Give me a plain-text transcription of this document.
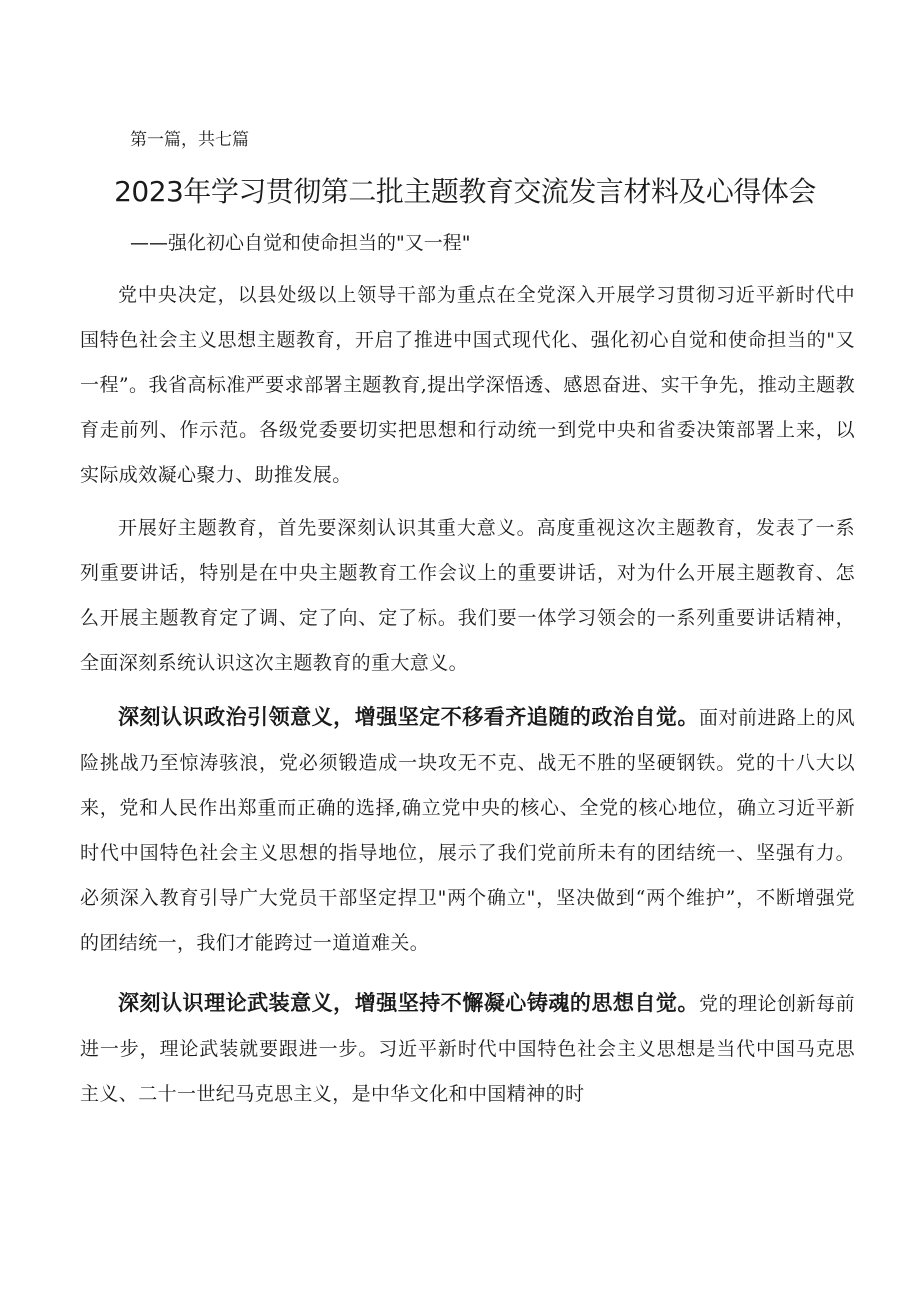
第一篇，共七篇
2023年学习贯彻第二批主题教育交流发言材料及心得体会
——强化初心自觉和使命担当的"又一程"

党中央决定，以县处级以上领导干部为重点在全党深入开展学习贯彻习近平新时代中国特色社会主义思想主题教育，开启了推进中国式现代化、强化初心自觉和使命担当的"又一程”。我省高标准严要求部署主题教育,提出学深悟透、感恩奋进、实干争先，推动主题教育走前列、作示范。各级党委要切实把思想和行动统一到党中央和省委决策部署上来，以实际成效凝心聚力、助推发展。

开展好主题教育，首先要深刻认识其重大意义。高度重视这次主题教育，发表了一系列重要讲话，特别是在中央主题教育工作会议上的重要讲话，对为什么开展主题教育、怎么开展主题教育定了调、定了向、定了标。我们要一体学习领会的一系列重要讲话精神，全面深刻系统认识这次主题教育的重大意义。

深刻认识政治引领意义，增强坚定不移看齐追随的政治自觉。面对前进路上的风险挑战乃至惊涛骇浪，党必须锻造成一块攻无不克、战无不胜的坚硬钢铁。党的十八大以来，党和人民作出郑重而正确的选择,确立党中央的核心、全党的核心地位，确立习近平新时代中国特色社会主义思想的指导地位，展示了我们党前所未有的团结统一、坚强有力。必须深入教育引导广大党员干部坚定捍卫"两个确立"，坚决做到“两个维护”，不断增强党的团结统一，我们才能跨过一道道难关。

深刻认识理论武装意义，增强坚持不懈凝心铸魂的思想自觉。党的理论创新每前进一步，理论武装就要跟进一步。习近平新时代中国特色社会主义思想是当代中国马克思主义、二十一世纪马克思主义，是中华文化和中国精神的时
